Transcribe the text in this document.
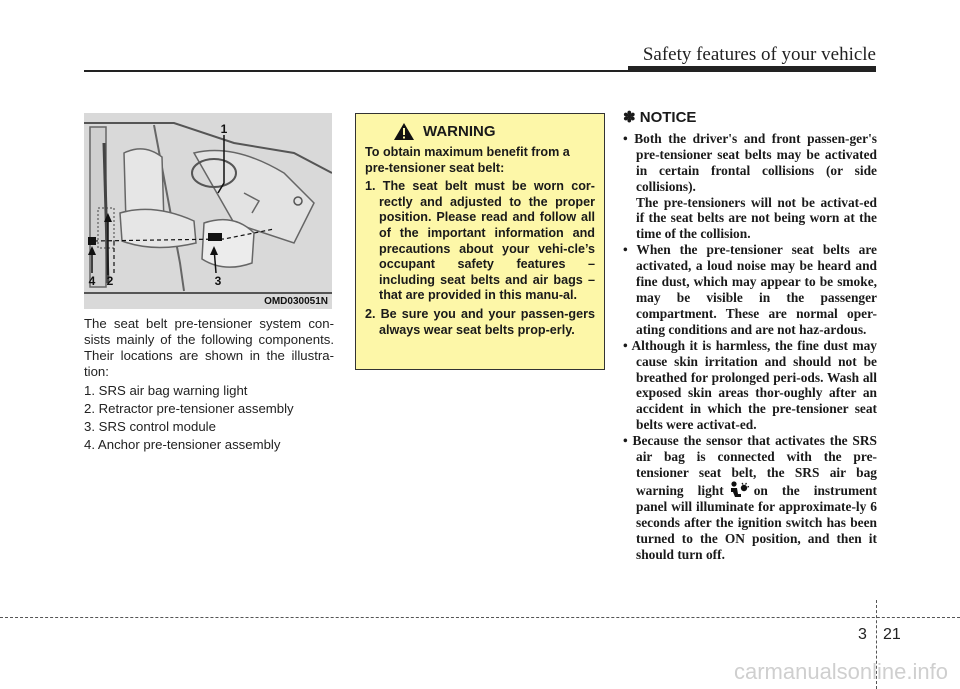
Safety features of your vehicle
1
2	3
4
OMD030051N

The seat belt pre-tensioner system con-sists mainly of the following components. Their locations are shown in the illustra-tion:

1. SRS air bag warning light
2. Retractor pre-tensioner assembly
3. SRS control module
4. Anchor pre-tensioner assembly
WARNING

To obtain maximum benefit from a pre-tensioner seat belt:

1. The seat belt must be worn cor-rectly and adjusted to the proper position. Please read and follow all of the important information and precautions about your vehi-cle’s occupant safety features – including seat belts and air bags – that are provided in this manu-al.
2. Be sure you and your passen-gers always wear seat belts prop-erly.
✽ NOTICE
• Both the driver's and front passen-ger's pre-tensioner seat belts may be activated in certain frontal collisions (or side collisions).
The pre-tensioners will not be activat-ed if the seat belts are not being worn at the time of the collision.
• When the pre-tensioner seat belts are activated, a loud noise may be heard and fine dust, which may appear to be smoke, may be visible in the passenger compartment. These are normal oper-ating conditions and are not haz-ardous.
• Although it is harmless, the fine dust may cause skin irritation and should not be breathed for prolonged peri-ods. Wash all exposed skin areas thor-oughly after an accident in which the pre-tensioner seat belts were activat-ed.
• Because the sensor that activates the SRS air bag is connected with the pre-tensioner seat belt, the SRS air bag warning light on the instrument panel will illuminate for approximate-ly 6 seconds after the ignition switch has been turned to the ON position, and then it should turn off.
3 21
carmanualsonline.info
